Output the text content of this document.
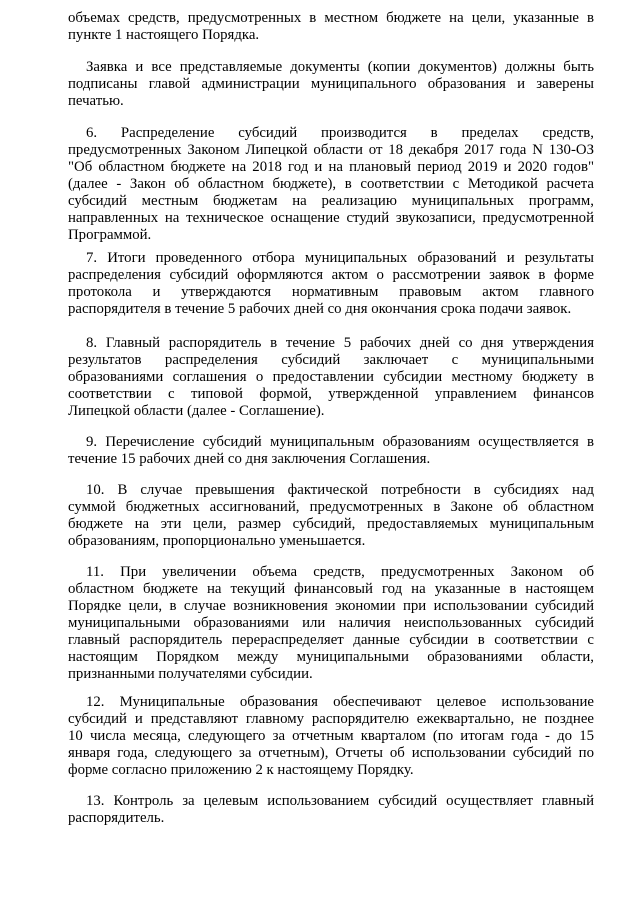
объемах средств, предусмотренных в местном бюджете на цели, указанные в
пункте 1 настоящего Порядка.

Заявка и все представляемые документы (копии документов) должны быть
подписаны главой администрации муниципального образования и заверены
печатью.

6. Распределение субсидий производится в пределах средств,
предусмотренных Законом Липецкой области от 18 декабря 2017 года N 130-ОЗ
"Об областном бюджете на 2018 год и на плановый период 2019 и 2020 годов"
(далее - Закон об областном бюджете), в соответствии с Методикой расчета
субсидий местным бюджетам на реализацию муниципальных программ,
направленных на техническое оснащение студий звукозаписи, предусмотренной
Программой.

7. Итоги проведенного отбора муниципальных образований и результаты
распределения субсидий оформляются актом о рассмотрении заявок в форме
протокола и утверждаются нормативным правовым актом главного
распорядителя в течение 5 рабочих дней со дня окончания срока подачи заявок.

8. Главный распорядитель в течение 5 рабочих дней со дня утверждения
результатов распределения субсидий заключает с муниципальными
образованиями соглашения о предоставлении субсидии местному бюджету в
соответствии с типовой формой, утвержденной управлением финансов
Липецкой области (далее - Соглашение).

9. Перечисление субсидий муниципальным образованиям осуществляется в
течение 15 рабочих дней со дня заключения Соглашения.

10. В случае превышения фактической потребности в субсидиях над
суммой бюджетных ассигнований, предусмотренных в Законе об областном
бюджете на эти цели, размер субсидий, предоставляемых муниципальным
образованиям, пропорционально уменьшается.

11. При увеличении объема средств, предусмотренных Законом об
областном бюджете на текущий финансовый год на указанные в настоящем
Порядке цели, в случае возникновения экономии при использовании субсидий
муниципальными образованиями или наличия неиспользованных субсидий
главный распорядитель перераспределяет данные субсидии в соответствии с
настоящим Порядком между муниципальными образованиями области,
признанными получателями субсидии.

12. Муниципальные образования обеспечивают целевое использование
субсидий и представляют главному распорядителю ежеквартально, не позднее
10 числа месяца, следующего за отчетным кварталом (по итогам года - до 15
января года, следующего за отчетным), Отчеты об использовании субсидий по
форме согласно приложению 2 к настоящему Порядку.

13. Контроль за целевым использованием субсидий осуществляет главный
распорядитель.
